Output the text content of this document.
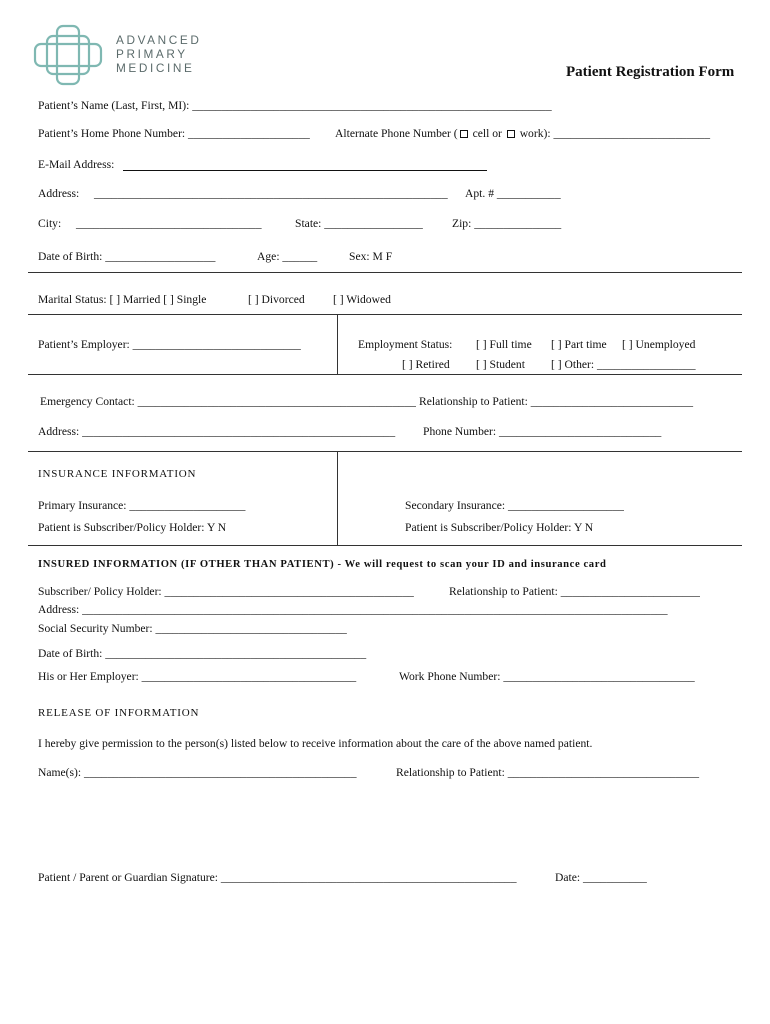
ADVANCED
PRIMARY
MEDICINE	Patient Registration Form
Patient’s Name (Last, First, MI): ______________________________________________________________
Patient’s Home Phone Number: _____________________ Alternate Phone Number ( cell or work): ___________________________
E-Mail Address:
Address: _____________________________________________________________ Apt. # ___________
City: ________________________________	State: _________________	Zip: _______________
Date of Birth: ___________________	Age: ______	Sex: M F
Marital Status: [ ] Married [ ] Single	[ ] Divorced [ ] Widowed
Patient’s Employer: _____________________________	Employment Status: [ ] Full time [ ] Part time [ ] Unemployed
[ ] Retired [ ] Student [ ] Other: _________________
Emergency Contact: ________________________________________________ Relationship to Patient: ____________________________
Address: ______________________________________________________ Phone Number: ____________________________
INSURANCE INFORMATION
Primary Insurance: ____________________	Secondary Insurance: ____________________
Patient is Subscriber/Policy Holder: Y N	Patient is Subscriber/Policy Holder: Y N
INSURED INFORMATION (IF OTHER THAN PATIENT) - We will request to scan your ID and insurance card
Subscriber/ Policy Holder: ___________________________________________	Relationship to Patient: ________________________
Address: _____________________________________________________________________________________________________
Social Security Number: _________________________________
Date of Birth: _____________________________________________
His or Her Employer: _____________________________________	Work Phone Number: _________________________________
RELEASE OF INFORMATION
I hereby give permission to the person(s) listed below to receive information about the care of the above named patient.
Name(s): _______________________________________________	Relationship to Patient: _________________________________
Patient / Parent or Guardian Signature: ___________________________________________________	Date: ___________
